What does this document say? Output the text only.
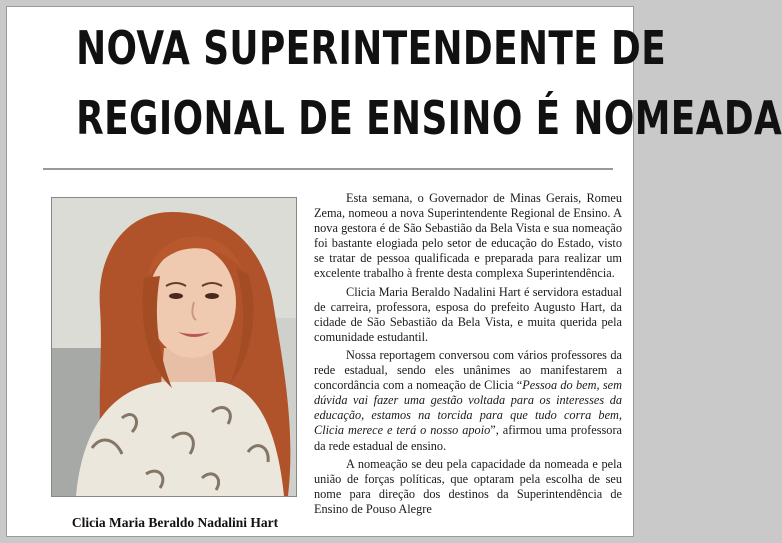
NOVA SUPERINTENDENTE DE
REGIONAL DE ENSINO É NOMEADA
Clicia Maria Beraldo Nadalini Hart

Esta semana, o Governador de Minas Gerais, Romeu Zema, nomeou a nova Superintendente Regional de Ensino. A nova gestora é de São Sebastião da Bela Vista e sua nomeação foi bastante elogiada pelo setor de educação do Estado, visto se tratar de pessoa qualificada e preparada para realizar um excelente trabalho à frente desta complexa Superintendência.

Clicia Maria Beraldo Nadalini Hart é servidora estadual de carreira, professora, esposa do prefeito Augusto Hart, da cidade de São Sebastião da Bela Vista, e muita querida pela comunidade estudantil.

Nossa reportagem conversou com vários professores da rede estadual, sendo eles unânimes ao manifestarem a concordância com a nomeação de Clicia “Pessoa do bem, sem dúvida vai fazer uma gestão voltada para os interesses da educação, estamos na torcida para que tudo corra bem, Clicia merece e terá o nosso apoio”, afirmou uma professora da rede estadual de ensino.

A nomeação se deu pela capacidade da nomeada e pela união de forças políticas, que optaram pela escolha de seu nome para direção dos destinos da Superintendência de Ensino de Pouso Alegre
